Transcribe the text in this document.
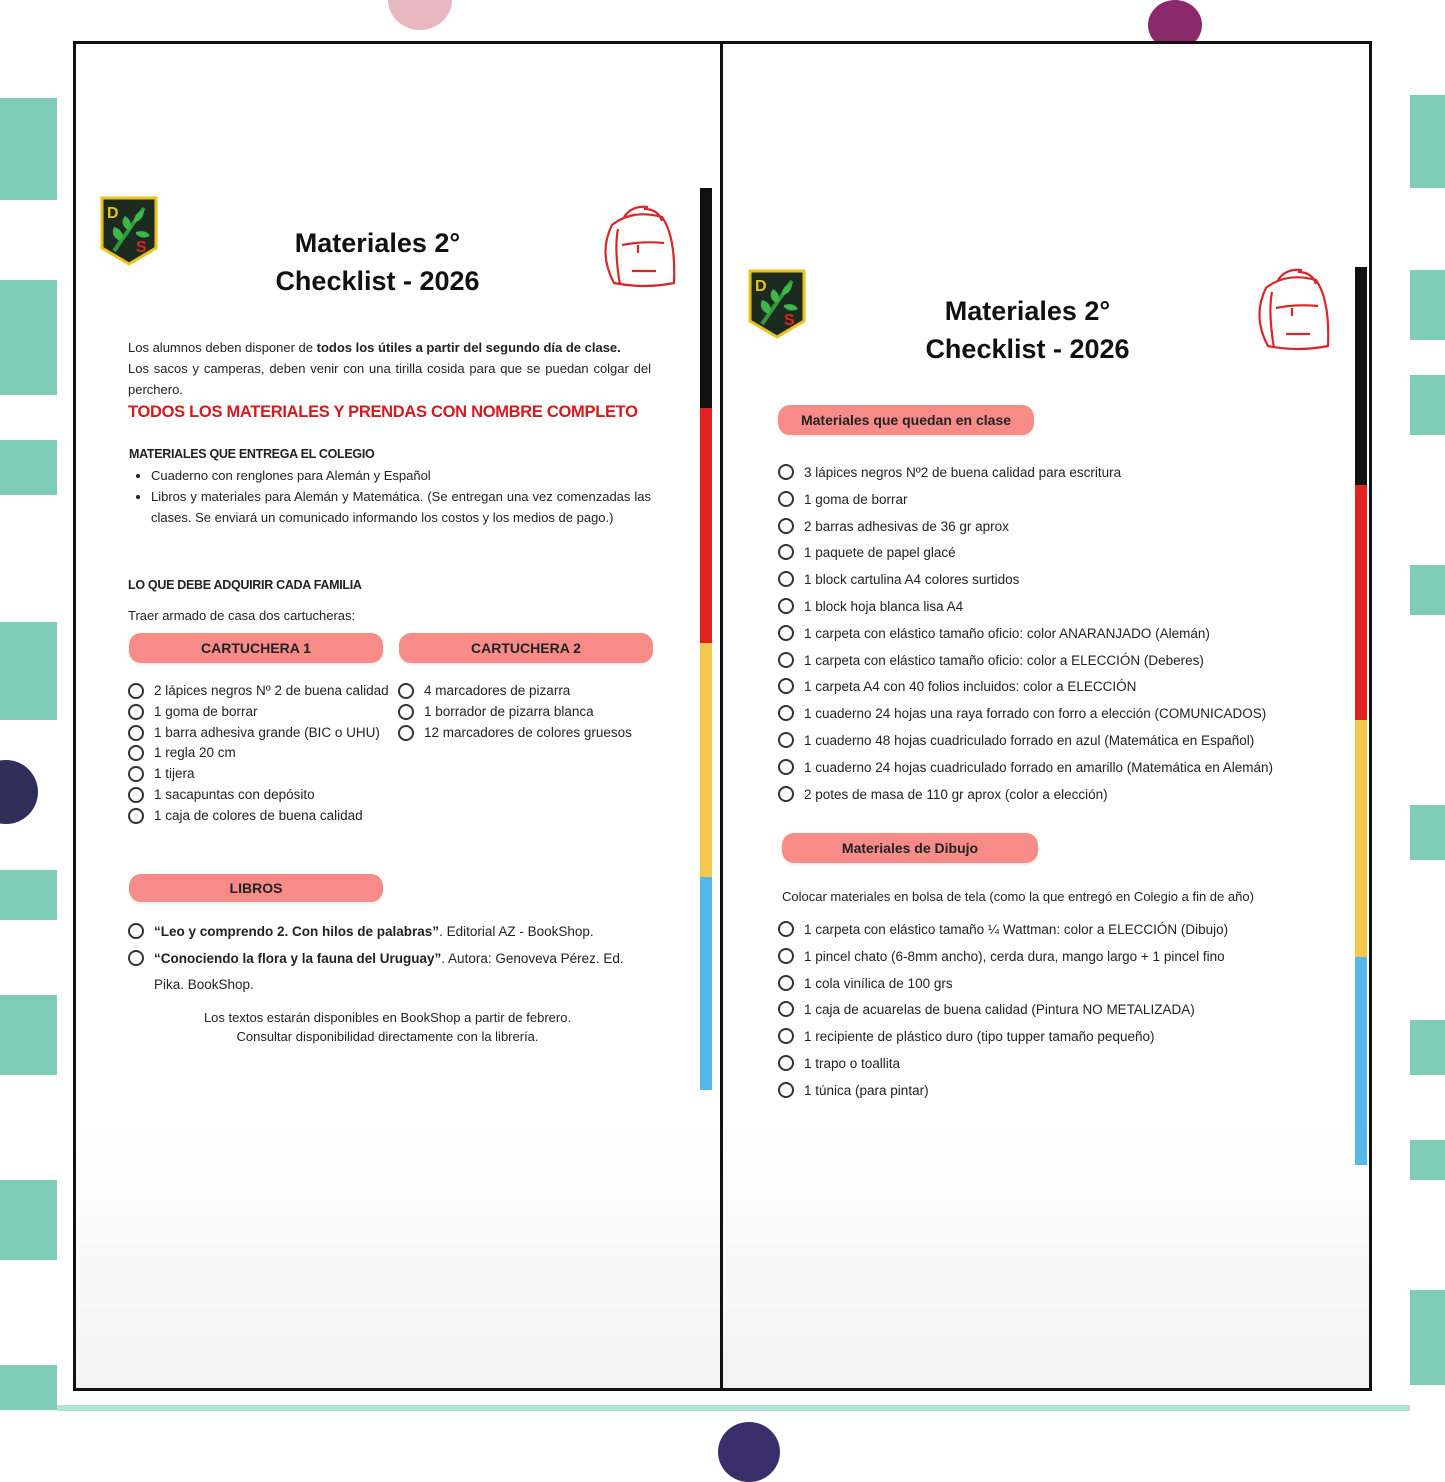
D
S	Materiales 2°
Checklist - 2026
Los alumnos deben disponer de todos los útiles a partir del segundo día de clase.
Los sacos y camperas, deben venir con una tirilla cosida para que se puedan colgar del perchero.
TODOS LOS MATERIALES Y PRENDAS CON NOMBRE COMPLETO
MATERIALES QUE ENTREGA EL COLEGIO
• Cuaderno con renglones para Alemán y Español
• Libros y materiales para Alemán y Matemática. (Se entregan una vez comenzadas las clases. Se enviará un comunicado informando los costos y los medios de pago.)
LO QUE DEBE ADQUIRIR CADA FAMILIA
Traer armado de casa dos cartucheras:
CARTUCHERA 1	CARTUCHERA 2
2 lápices negros Nº 2 de buena calidad
1 goma de borrar
1 barra adhesiva grande (BIC o UHU)
1 regla 20 cm
1 tijera
1 sacapuntas con depósito
1 caja de colores de buena calidad
4 marcadores de pizarra
1 borrador de pizarra blanca
12 marcadores de colores gruesos
LIBROS
“Leo y comprendo 2. Con hilos de palabras”. Editorial AZ - BookShop.
“Conociendo la flora y la fauna del Uruguay”. Autora: Genoveva Pérez. Ed. Pika. BookShop.
Los textos estarán disponibles en BookShop a partir de febrero.
Consultar disponibilidad directamente con la librería.
D
S	Materiales 2°
Checklist - 2026
Materiales que quedan en clase
3 lápices negros Nº2 de buena calidad para escritura
1 goma de borrar
2 barras adhesivas de 36 gr aprox
1 paquete de papel glacé
1 block cartulina A4 colores surtidos
1 block hoja blanca lisa A4
1 carpeta con elástico tamaño oficio: color ANARANJADO (Alemán)
1 carpeta con elástico tamaño oficio: color a ELECCIÓN (Deberes)
1 carpeta A4 con 40 folios incluidos: color a ELECCIÓN
1 cuaderno 24 hojas una raya forrado con forro a elección (COMUNICADOS)
1 cuaderno 48 hojas cuadriculado forrado en azul (Matemática en Español)
1 cuaderno 24 hojas cuadriculado forrado en amarillo (Matemática en Alemán)
2 potes de masa de 110 gr aprox (color a elección)
Materiales de Dibujo
Colocar materiales en bolsa de tela (como la que entregó en Colegio a fin de año)
1 carpeta con elástico tamaño ¼ Wattman: color a ELECCIÓN (Dibujo)
1 pincel chato (6-8mm ancho), cerda dura, mango largo + 1 pincel fino
1 cola vinílica de 100 grs
1 caja de acuarelas de buena calidad (Pintura NO METALIZADA)
1 recipiente de plástico duro (tipo tupper tamaño pequeño)
1 trapo o toallita
1 túnica (para pintar)
